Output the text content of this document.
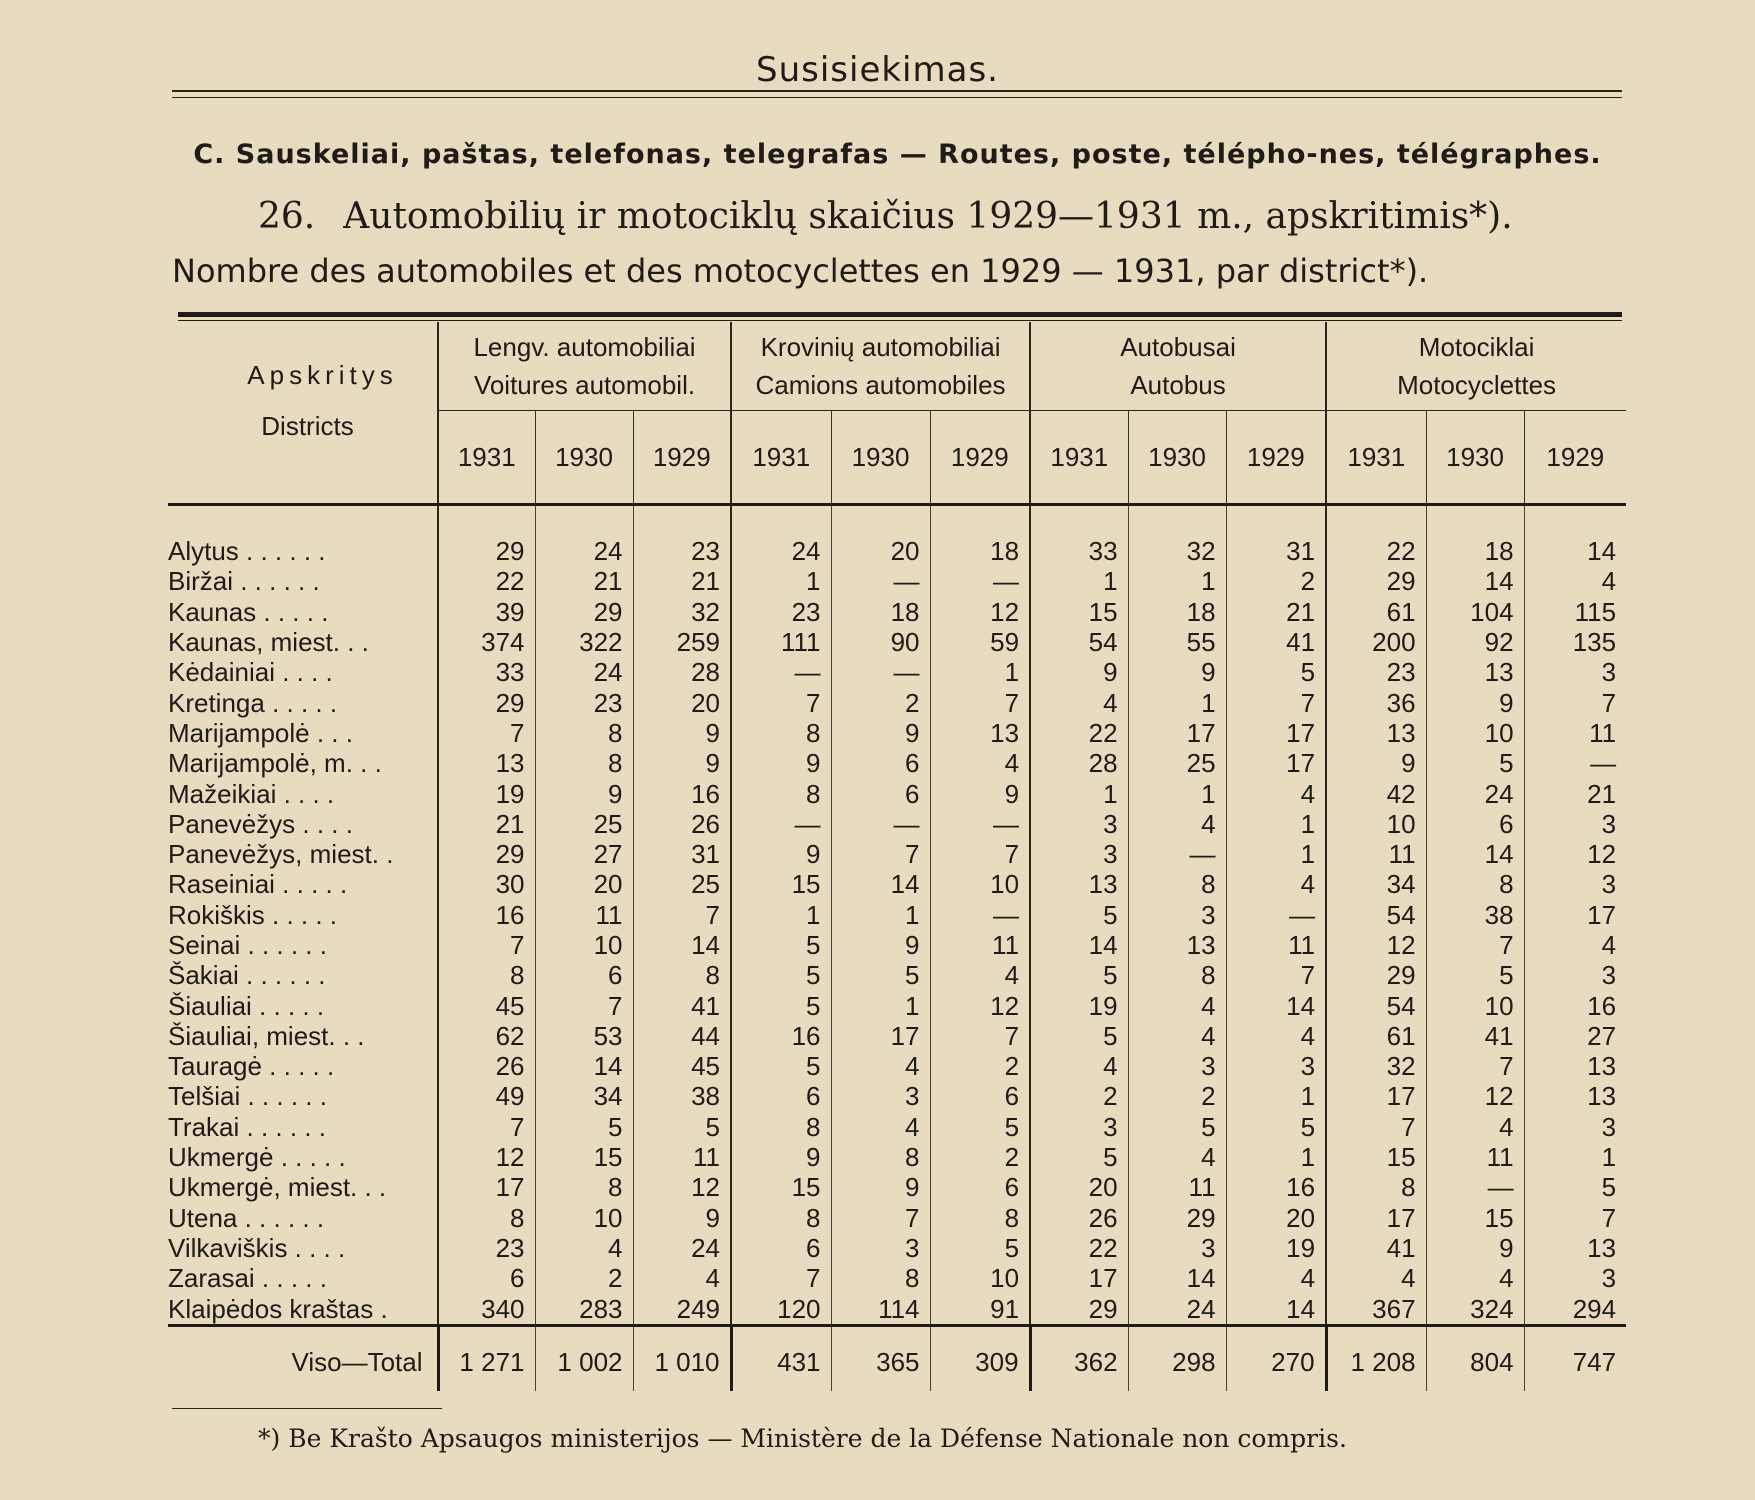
Susisiekimas.
C. Sauskeliai, paštas, telefonas, telegrafas — Routes, poste, télépho-nes, télégraphes.
26. Automobilių ir motociklų skaičius 1929—1931 m., apskritimis*).
Nombre des automobiles et des motocyclettes en 1929 — 1931, par district*).
Apskritys
Districts	Lengv. automobiliai
Voitures automobil.			Krovinių automobiliai
Camions automobiles			Autobusai
Autobus			Motociklai
Motocyclettes		
	1931	1930	1929	1931	1930	1929	1931	1930	1929	1931	1930	1929
Alytus . . . . . .	29	24	23	24	20	18	33	32	31	22	18	14
Biržai . . . . . .	22	21	21	1	—	—	1	1	2	29	14	4
Kaunas . . . . .	39	29	32	23	18	12	15	18	21	61	104	115
Kaunas, miest. . .	374	322	259	111	90	59	54	55	41	200	92	135
Kėdainiai . . . .	33	24	28	—	—	1	9	9	5	23	13	3
Kretinga . . . . .	29	23	20	7	2	7	4	1	7	36	9	7
Marijampolė . . .	7	8	9	8	9	13	22	17	17	13	10	11
Marijampolė, m. . .	13	8	9	9	6	4	28	25	17	9	5	—
Mažeikiai . . . .	19	9	16	8	6	9	1	1	4	42	24	21
Panevėžys . . . .	21	25	26	—	—	—	3	4	1	10	6	3
Panevėžys, miest. .	29	27	31	9	7	7	3	—	1	11	14	12
Raseiniai . . . . .	30	20	25	15	14	10	13	8	4	34	8	3
Rokiškis . . . . .	16	11	7	1	1	—	5	3	—	54	38	17
Seinai . . . . . .	7	10	14	5	9	11	14	13	11	12	7	4
Šakiai . . . . . .	8	6	8	5	5	4	5	8	7	29	5	3
Šiauliai . . . . .	45	7	41	5	1	12	19	4	14	54	10	16
Šiauliai, miest. . .	62	53	44	16	17	7	5	4	4	61	41	27
Tauragė . . . . .	26	14	45	5	4	2	4	3	3	32	7	13
Telšiai . . . . . .	49	34	38	6	3	6	2	2	1	17	12	13
Trakai . . . . . .	7	5	5	8	4	5	3	5	5	7	4	3
Ukmergė . . . . .	12	15	11	9	8	2	5	4	1	15	11	1
Ukmergė, miest. . .	17	8	12	15	9	6	20	11	16	8	—	5
Utena . . . . . .	8	10	9	8	7	8	26	29	20	17	15	7
Vilkaviškis . . . .	23	4	24	6	3	5	22	3	19	41	9	13
Zarasai . . . . .	6	2	4	7	8	10	17	14	4	4	4	3
Klaipėdos kraštas .	340	283	249	120	114	91	29	24	14	367	324	294
Viso—Total	1 271	1 002	1 010	431	365	309	362	298	270	1 208	804	747
*) Be Krašto Apsaugos ministerijos — Ministère de la Défense Nationale non compris.
